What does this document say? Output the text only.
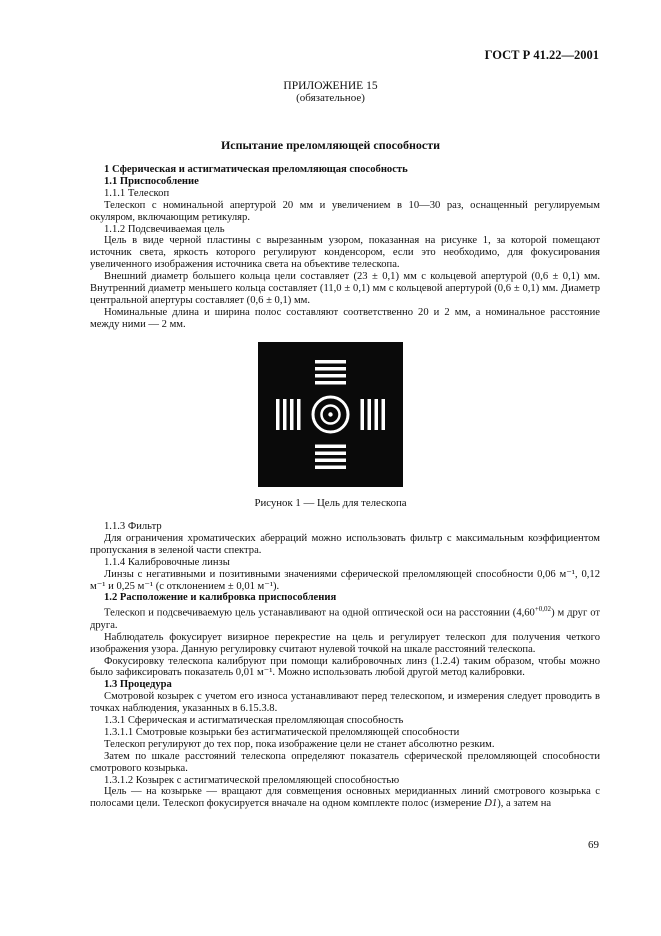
ГОСТ Р 41.22—2001
ПРИЛОЖЕНИЕ 15
(обязательное)
Испытание преломляющей способности

1 Сферическая и астигматическая преломляющая способность

1.1 Приспособление

1.1.1 Телескоп

Телескоп с номинальной апертурой 20 мм и увеличением в 10—30 раз, оснащенный регулируемым окуляром, включающим ретикуляр.

1.1.2 Подсвечиваемая цель

Цель в виде черной пластины с вырезанным узором, показанная на рисунке 1, за которой помещают источник света, яркость которого регулируют конденсором, если это необходимо, для фокусирования увеличенного изображения источника света на объективе телескопа.

Внешний диаметр большего кольца цели составляет (23 ± 0,1) мм с кольцевой апертурой (0,6 ± 0,1) мм. Внутренний диаметр меньшего кольца составляет (11,0 ± 0,1) мм с кольцевой апертурой (0,6 ± 0,1) мм. Диаметр центральной апертуры составляет (0,6 ± 0,1) мм.

Номинальные длина и ширина полос составляют соответственно 20 и 2 мм, а номинальное расстояние между ними — 2 мм.

Рисунок 1 — Цель для телескопа

1.1.3 Фильтр

Для ограничения хроматических аберраций можно использовать фильтр с максимальным коэффициентом пропускания в зеленой части спектра.

1.1.4 Калибровочные линзы

Линзы с негативными и позитивными значениями сферической преломляющей способности 0,06 м⁻¹, 0,12 м⁻¹ и 0,25 м⁻¹ (с отклонением ± 0,01 м⁻¹).

1.2 Расположение и калибровка приспособления

Телескоп и подсвечиваемую цель устанавливают на одной оптической оси на расстоянии $(4,60^{+0,02})$ м друг от друга.

Наблюдатель фокусирует визирное перекрестие на цель и регулирует телескоп для получения четкого изображения узора. Данную регулировку считают нулевой точкой на шкале расстояний телескопа.

Фокусировку телескопа калибруют при помощи калибровочных линз (1.2.4) таким образом, чтобы можно было зафиксировать показатель 0,01 м⁻¹. Можно использовать любой другой метод калибровки.

1.3 Процедура

Смотровой козырек с учетом его износа устанавливают перед телескопом, и измерения следует проводить в точках наблюдения, указанных в 6.15.3.8.

1.3.1 Сферическая и астигматическая преломляющая способность

1.3.1.1 Смотровые козырьки без астигматической преломляющей способности

Телескоп регулируют до тех пор, пока изображение цели не станет абсолютно резким.

Затем по шкале расстояний телескопа определяют показатель сферической преломляющей способности смотрового козырька.

1.3.1.2 Козырек с астигматической преломляющей способностью

Цель — на козырьке — вращают для совмещения основных меридианных линий смотрового козырька с полосами цели. Телескоп фокусируется вначале на одном комплекте полос (измерение D1), а затем на

69
